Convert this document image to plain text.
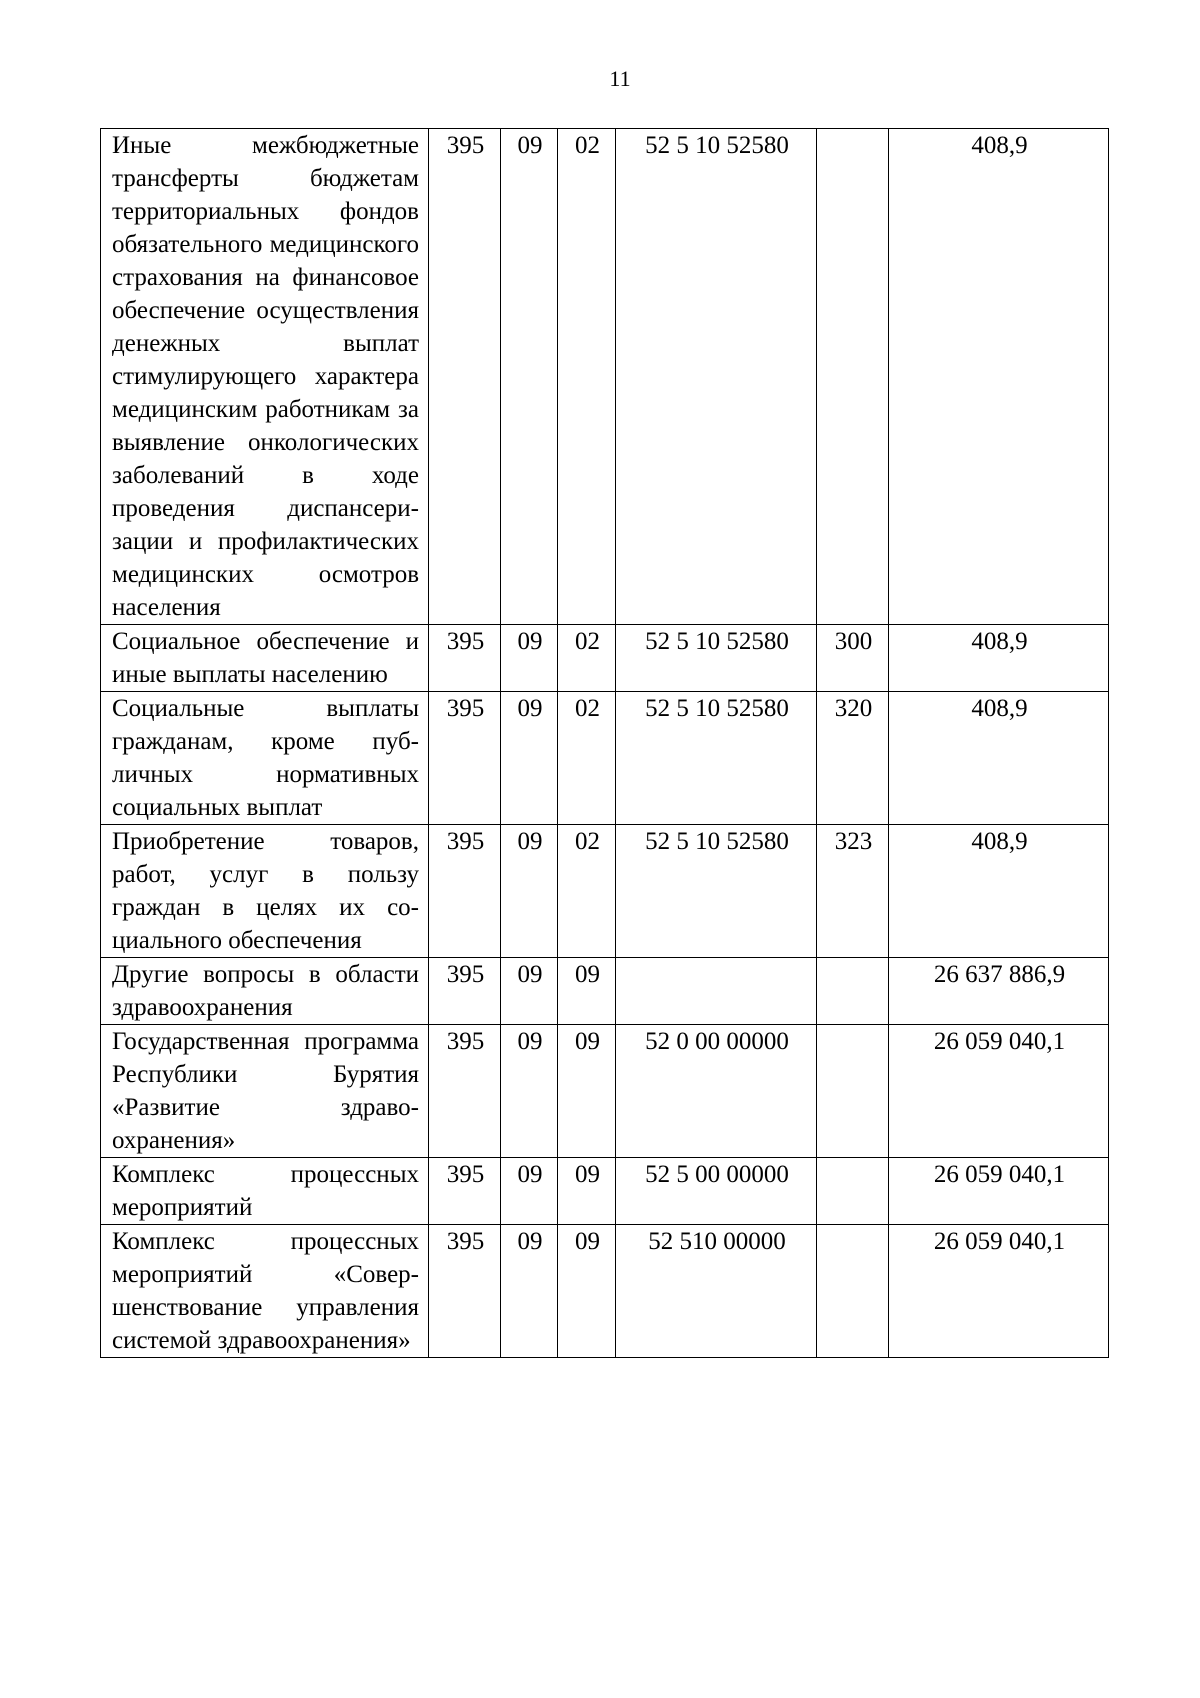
11
Иные межбюджетные трансферты бюджетам территориальных фондов обязательного медицинского страхования на финансовое обеспечение осуществления денежных выплат стимулирующего характера медицинским работникам за выявление онкологических заболеваний в ходе проведения диспансеризации и профилактических медицинских осмотров населения	395	09	02	52 5 10 52580		408,9
Социальное обеспечение и иные выплаты населению	395	09	02	52 5 10 52580	300	408,9
Социальные выплаты гражданам, кроме публичных нормативных социальных выплат	395	09	02	52 5 10 52580	320	408,9
Приобретение товаров, работ, услуг в пользу граждан в целях их социального обеспечения	395	09	02	52 5 10 52580	323	408,9
Другие вопросы в области здравоохранения	395	09	09			26 637 886,9
Государственная программа Республики Бурятия «Развитие здравоохранения»	395	09	09	52 0 00 00000		26 059 040,1
Комплекс процессных мероприятий	395	09	09	52 5 00 00000		26 059 040,1
Комплекс процессных мероприятий «Совершенствование управления системой здравоохранения»	395	09	09	52 510 00000		26 059 040,1
